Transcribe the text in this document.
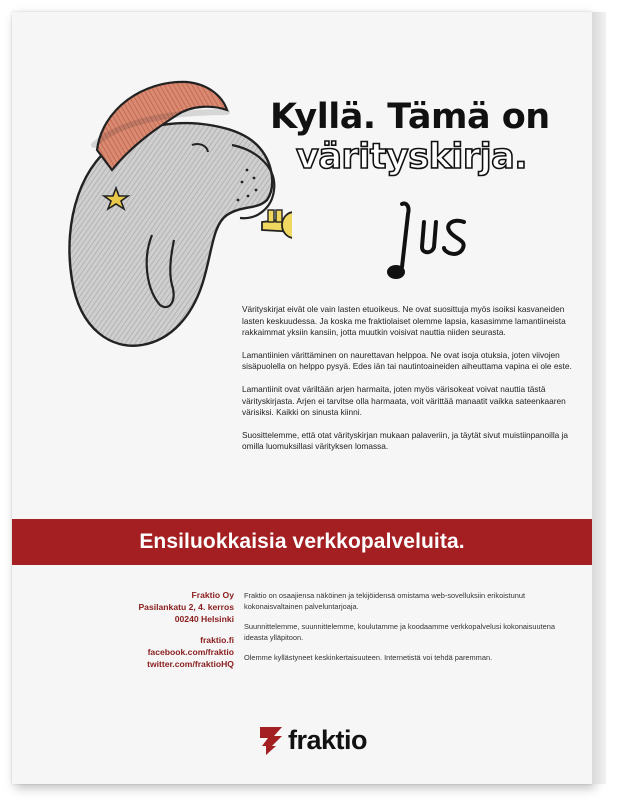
Kyllä. Tämä on
värityskirja.

Värityskirjat eivät ole vain lasten etuoikeus. Ne ovat suosittuja myös isoiksi kasvaneiden lasten keskuudessa. Ja koska me fraktiolaiset olemme lapsia, kasasimme lamantiineista rakkaimmat yksiin kansiin, jotta muutkin voisivat nauttia niiden seurasta.

Lamantiinien värittäminen on naurettavan helppoa. Ne ovat isoja otuksia, joten viivojen sisäpuolella on helppo pysyä. Edes iän tai nautintoaineiden aiheuttama vapina ei ole este.

Lamantiinit ovat väriltään arjen harmaita, joten myös värisokeat voivat nauttia tästä värityskirjasta. Arjen ei tarvitse olla harmaata, voit värittää manaatit vaikka sateenkaaren värisiksi. Kaikki on sinusta kiinni.

Suosittelemme, että otat värityskirjan mukaan palaveriin, ja täytät sivut muistiinpanoilla ja omilla luomuksillasi värityksen lomassa.

Ensiluokkaisia verkkopalveluita.
Fraktio Oy
Pasilankatu 2, 4. kerros
00240 Helsinki
fraktio.fi
facebook.com/fraktio
twitter.com/fraktioHQ

Fraktio on osaajiensa näköinen ja tekijöidensä omistama web-sovelluksiin erikoistunut kokonaisvaltainen palveluntarjoaja.

Suunnittelemme, suunnittelemme, koulutamme ja koodaamme verkkopalvelusi kokonaisuutena ideasta ylläpitoon.

Olemme kyllästyneet keskinkertaisuuteen. Internetistä voi tehdä paremman.

fraktio
